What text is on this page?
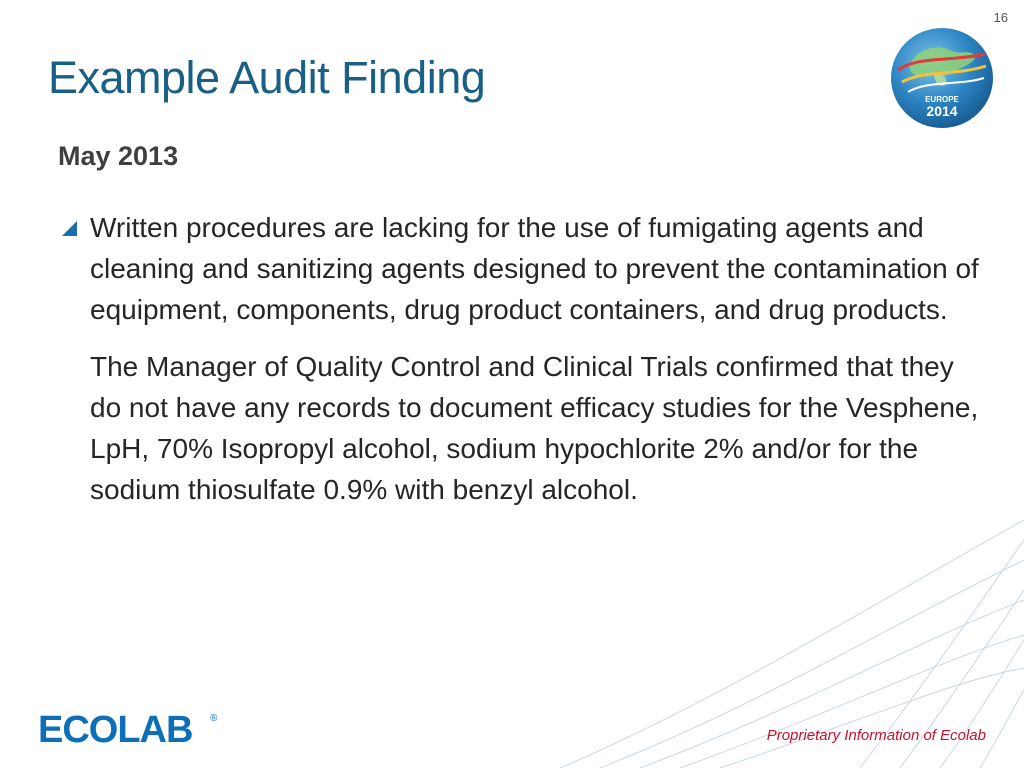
16
EUROPE
2014
Example Audit Finding
May 2013

Written procedures are lacking for the use of fumigating agents and cleaning and sanitizing agents designed to prevent the contamination of equipment, components, drug product containers, and drug products.

The Manager of Quality Control and Clinical Trials confirmed that they do not have any records to document efficacy studies for the Vesphene, LpH, 70% Isopropyl alcohol, sodium hypochlorite 2% and/or for the sodium thiosulfate 0.9% with benzyl alcohol.

ECOLAB ®
Proprietary Information of Ecolab
